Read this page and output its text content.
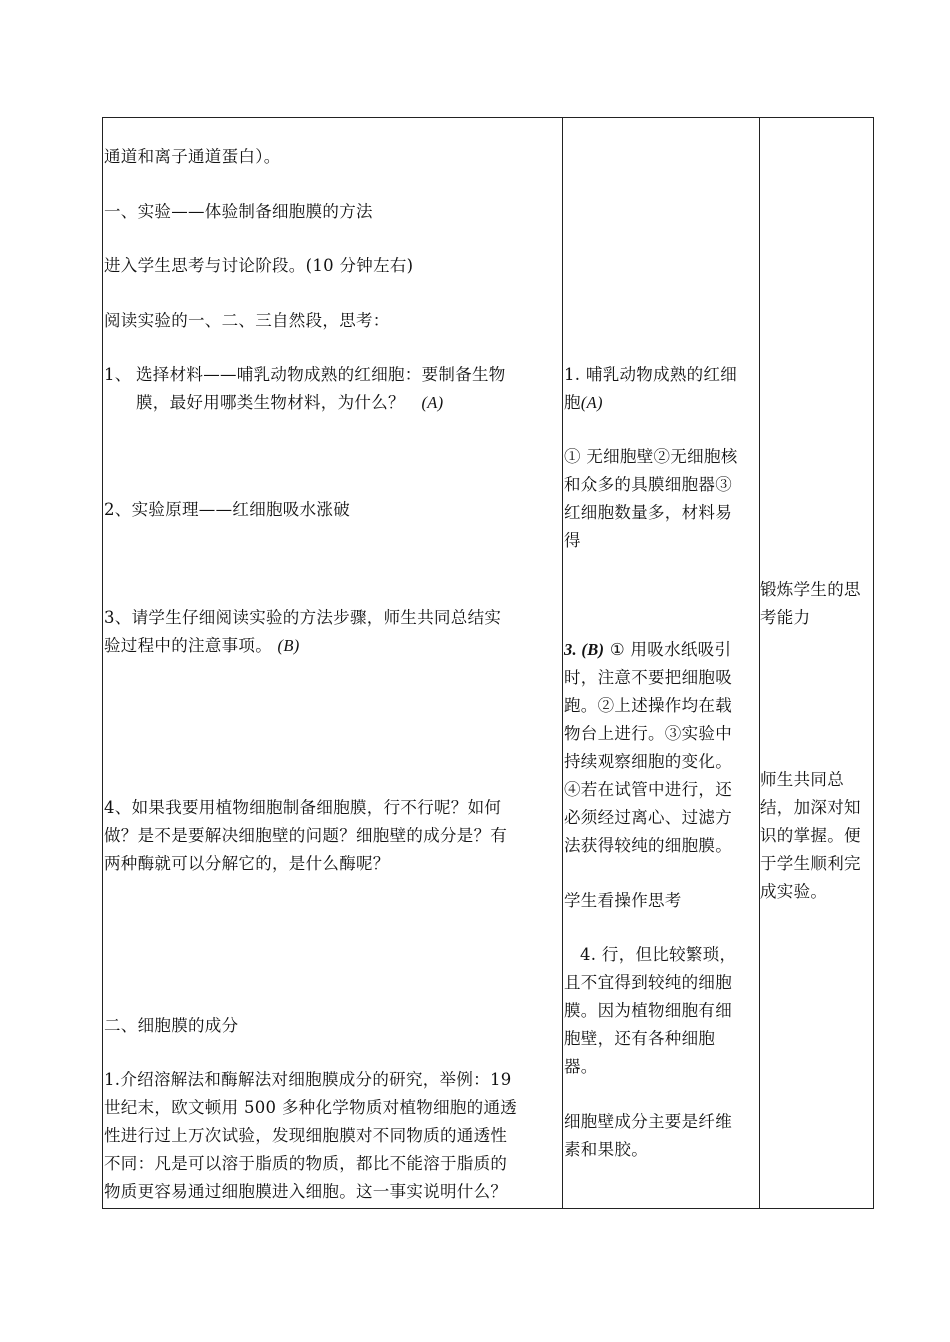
通道和离子通道蛋白）。
一、实验——体验制备细胞膜的方法
进入学生思考与讨论阶段。(10 分钟左右)
阅读实验的一、二、三自然段，思考：
1、 选择材料——哺乳动物成熟的红细胞：要制备生物
膜，最好用哪类生物材料，为什么？ (A)
2、实验原理——红细胞吸水涨破
3、请学生仔细阅读实验的方法步骤，师生共同总结实
验过程中的注意事项。 (B)
4、如果我要用植物细胞制备细胞膜，行不行呢？如何
做？是不是要解决细胞壁的问题？细胞壁的成分是？有
两种酶就可以分解它的，是什么酶呢？
二、细胞膜的成分
1.介绍溶解法和酶解法对细胞膜成分的研究，举例：19
世纪末，欧文顿用 500 多种化学物质对植物细胞的通透
性进行过上万次试验，发现细胞膜对不同物质的通透性
不同：凡是可以溶于脂质的物质，都比不能溶于脂质的
物质更容易通过细胞膜进入细胞。这一事实说明什么？
1. 哺乳动物成熟的红细
胞(A)
① 无细胞壁②无细胞核
和众多的具膜细胞器③
红细胞数量多，材料易
得
3. (B) ① 用吸水纸吸引
时，注意不要把细胞吸
跑。②上述操作均在载
物台上进行。③实验中
持续观察细胞的变化。
④若在试管中进行，还
必须经过离心、过滤方
法获得较纯的细胞膜。
学生看操作思考
4. 行，但比较繁琐，
且不宜得到较纯的细胞
膜。因为植物细胞有细
胞壁，还有各种细胞
器。
细胞壁成分主要是纤维
素和果胶。
锻炼学生的思
考能力
师生共同总
结，加深对知
识的掌握。便
于学生顺利完
成实验。
